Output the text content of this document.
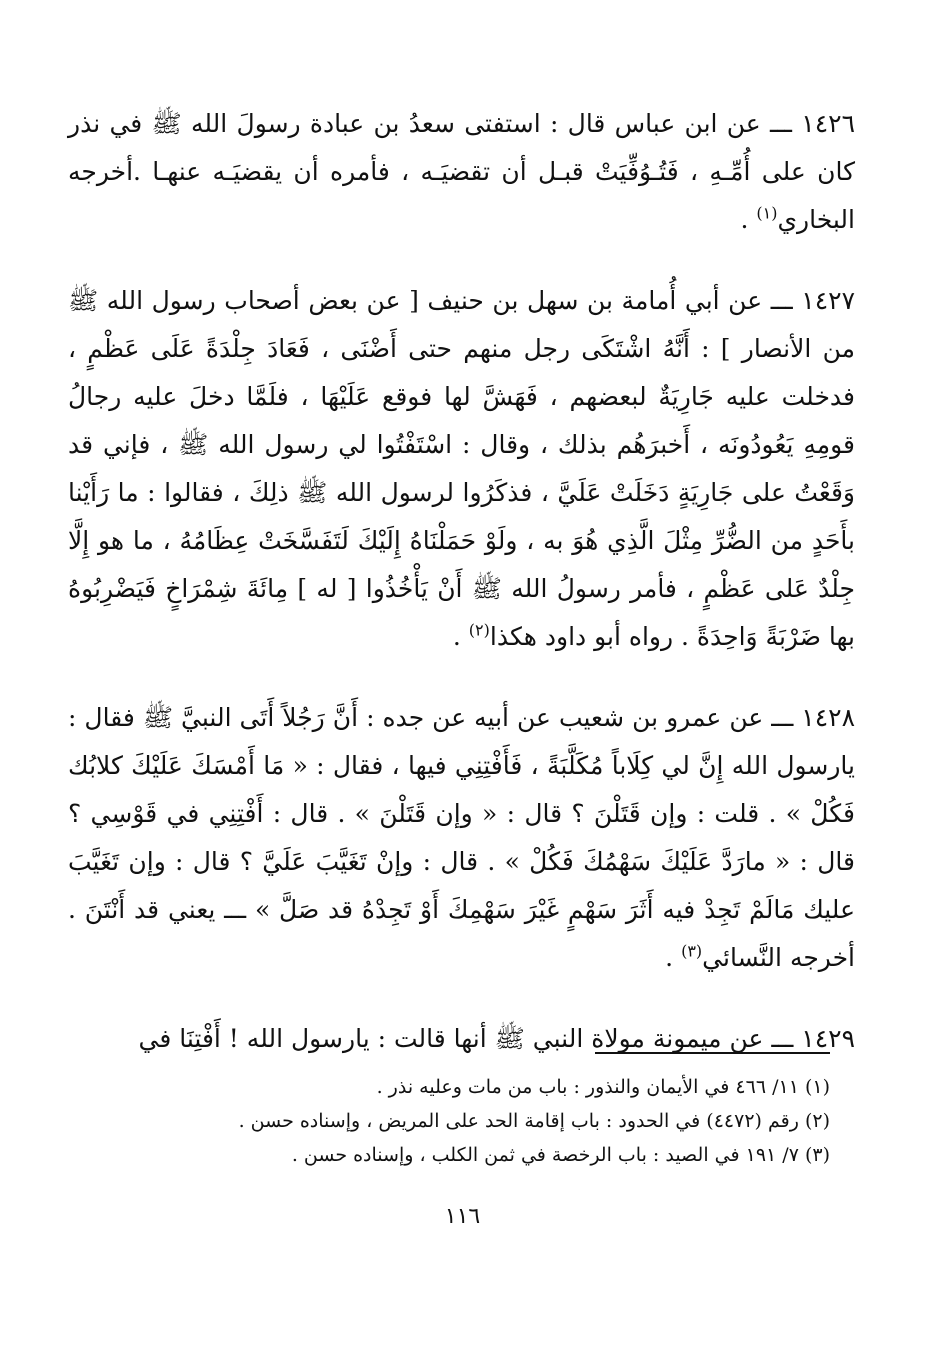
١٤٢٦ ـــ عن ابن عباس قال : استفتى سعدُ بن عبادة رسولَ الله ﷺ في نذر كان على أُمِّـهِ ، فَتُـوُفِّيَتْ قبـل أن تقضيَـه ، فأمره أن يقضيَـه عنهـا .أخرجه البخاري$^{(١)}$ .

١٤٢٧ ـــ عن أبي أُمامة بن سهل بن حنيف [ عن بعض أصحاب رسول الله ﷺ من الأنصار ] : أَنَّهُ اشْتَكَى رجل منهم حتى أَضْنَى ، فَعَادَ جِلْدَةً عَلَى عَظْمٍ ، فدخلت عليه جَارِيَةٌ لبعضهم ، فَهَشَّ لها فوقع عَلَيْهَا ، فلَمَّا دخلَ عليه رجالُ قومِهِ يَعُودُونَه ، أَخبرَهُم بذلك ، وقال : اسْتَفْتُوا لي رسول الله ﷺ ، فإني قد وَقَعْتُ على جَارِيَةٍ دَخَلَتْ عَلَيَّ ، فذكَرُوا لرسول الله ﷺ ذلِكَ ، فقالوا : ما رَأَيْنا بأَحَدٍ من الضُّرِّ مِثْلَ الَّذِي هُوَ به ، ولَوْ حَمَلْنَاهُ إِلَيْكَ لَتَفَسَّخَتْ عِظَامُهُ ، ما هو إِلَّا جِلْدٌ عَلى عَظْمٍ ، فأمر رسولُ الله ﷺ أَنْ يَأْخُذُوا [ له ] مِائَةَ شِمْرَاخٍ فَيَضْرِبُوهُ بها ضَرْبَةً وَاحِدَةً . رواه أبو داود هكذا$^{(٢)}$ .

١٤٢٨ ـــ عن عمرو بن شعيب عن أبيه عن جده : أَنَّ رَجُلاً أَتَى النبيَّ ﷺ فقال : يارسول الله إِنَّ لي كِلَاباً مُكَلَّبَةً ، فَأَفْتِنِي فيها ، فقال : « مَا أَمْسَكَ عَلَيْكَ كلابُك فَكُلْ » . قلت : وإن قَتَلْنَ ؟ قال : « وإن قَتَلْنَ » . قال : أَفْتِنِي في قَوْسِي ؟ قال : « مارَدَّ عَلَيْكَ سَهْمُكَ فَكُلْ » . قال : وإنْ تَغَيَّبَ عَلَيَّ ؟ قال : وإن تَغَيَّبَ عليك مَالَمْ تَجِدْ فيه أَثَرَ سَهْمٍ غَيْرَ سَهْمِكَ أَوْ تَجِدْهُ قد صَلَّ » ـــ يعني قد أَنْتَنَ . أخرجه النَّسائي$^{(٣)}$ .

١٤٢٩ ـــ عن ميمونة مولاة النبي ﷺ أنها قالت : يارسول الله ! أَفْتِنَا في

(١) ١١/ ٤٦٦ في الأيمان والنذور : باب من مات وعليه نذر .

(٢) رقم (٤٤٧٢) في الحدود : باب إقامة الحد على المريض ، وإسناده حسن .

(٣) ٧/ ١٩١ في الصيد : باب الرخصة في ثمن الكلب ، وإسناده حسن .

١١٦
